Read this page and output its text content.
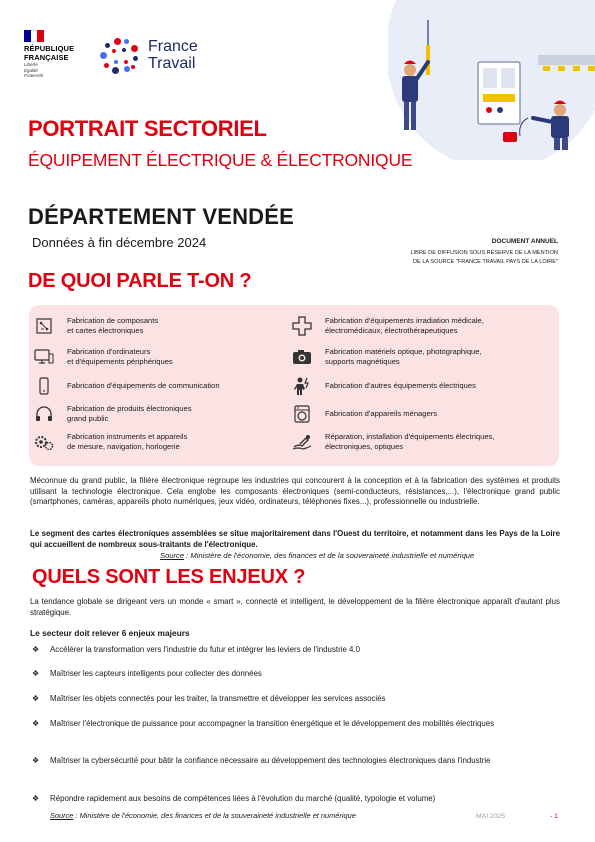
RÉPUBLIQUE
FRANÇAISE
Liberté
Égalité
Fraternité
France
Travail
PORTRAIT SECTORIEL
ÉQUIPEMENT ÉLECTRIQUE & ÉLECTRONIQUE
DÉPARTEMENT VENDÉE
Données à fin décembre 2024	DOCUMENT ANNUEL
LIBRE DE DIFFUSION SOUS RÉSERVE DE LA MENTION
DE LA SOURCE "FRANCE TRAVAIL PAYS DE LA LOIRE"
DE QUOI PARLE T-ON ?
Fabrication de composants
et cartes électroniques
Fabrication d'ordinateurs
et d'équipements périphériques
Fabrication d'équipements de communication
Fabrication de produits électroniques
grand public
Fabrication instruments et appareils
de mesure, navigation, horlogerie
Fabrication d'équipements irradiation médicale,
électromédicaux, électrothérapeutiques
Fabrication matériels optique, photographique,
supports magnétiques
Fabrication d'autres équipements électriques
Fabrication d'appareils ménagers
Réparation, installation d'équipements électriques,
électroniques, optiques
Méconnue du grand public, la filière électronique regroupe les industries qui concourent à la conception et à la fabrication des systèmes et produits utilisant la technologie électronique. Cela englobe les composants électroniques (semi-conducteurs, résistances,...), l'électronique grand public (smartphones, caméras, appareils photo numériques, jeux vidéo, ordinateurs, téléphones fixes...), professionnelle ou industrielle.
Le segment des cartes électroniques assemblées se situe majoritairement dans l'Ouest du territoire, et notamment dans les Pays de la Loire qui accueillent de nombreux sous-traitants de l'électronique.
Source : Ministère de l'économie, des finances et de la souveraineté industrielle et numérique
QUELS SONT LES ENJEUX ?
La tendance globale se dirigeant vers un monde « smart », connecté et intelligent, le développement de la filière électronique apparaît d'autant plus stratégique.
Le secteur doit relever 6 enjeux majeurs
❖	Accélérer la transformation vers l'industrie du futur et intégrer les leviers de l'industrie 4.0
❖	Maîtriser les capteurs intelligents pour collecter des données
❖	Maîtriser les objets connectés pour les traiter, la transmettre et développer les services associés
❖	Maîtriser l'électronique de puissance pour accompagner la transition énergétique et le développement des mobilités électriques
❖	Maîtriser la cybersécurité pour bâtir la confiance nécessaire au développement des technologies électroniques dans l'industrie
❖	Répondre rapidement aux besoins de compétences liées à l'évolution du marché (qualité, typologie et volume)
Source : Ministère de l'économie, des finances et de la souveraineté industrielle et numérique	MAI 2025	- 1
